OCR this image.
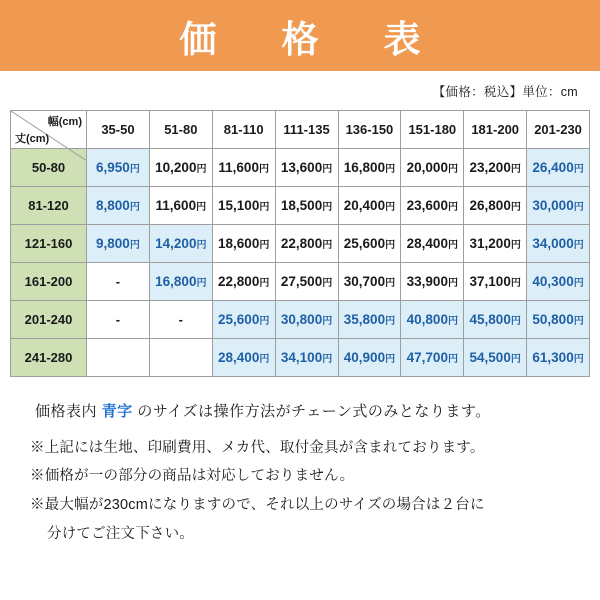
価　格　表
【価格：税込】単位：cm
幅(cm)
丈(cm)	35-50	51-80	81-110	111-135	136-150	151-180	181-200	201-230
50-80	6,950円	10,200円	11,600円	13,600円	16,800円	20,000円	23,200円	26,400円
81-120	8,800円	11,600円	15,100円	18,500円	20,400円	23,600円	26,800円	30,000円
121-160	9,800円	14,200円	18,600円	22,800円	25,600円	28,400円	31,200円	34,000円
161-200	-	16,800円	22,800円	27,500円	30,700円	33,900円	37,100円	40,300円
201-240	-	-	25,600円	30,800円	35,800円	40,800円	45,800円	50,800円
241-280			28,400円	34,100円	40,900円	47,700円	54,500円	61,300円

価格表内 青字 のサイズは操作方法がチェーン式のみとなります。

※上記には生地、印刷費用、メカ代、取付金具が含まれております。

※価格が一の部分の商品は対応しておりません。

※最大幅が230cmになりますので、それ以上のサイズの場合は２台に

分けてご注文下さい。
